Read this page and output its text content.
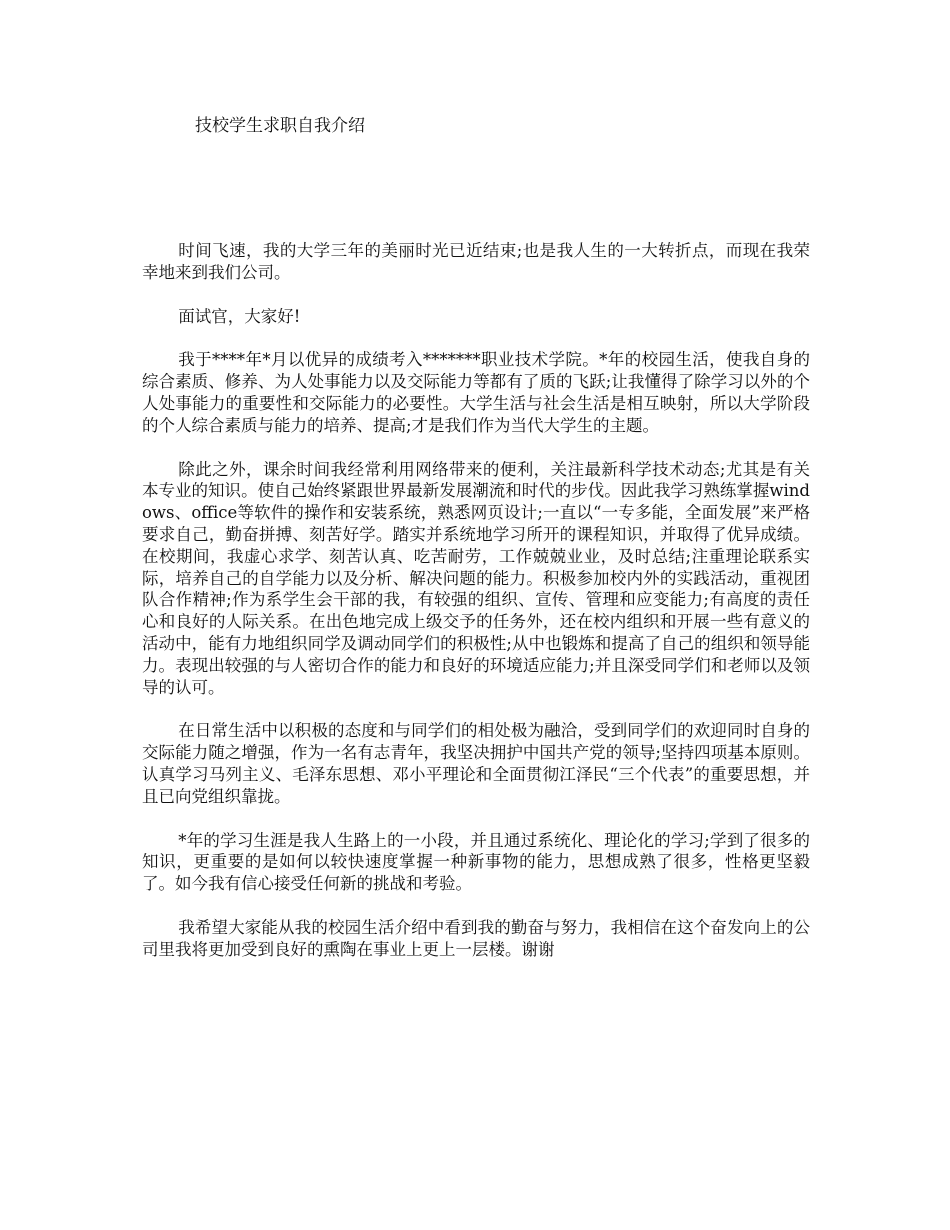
技校学生求职自我介绍

时间飞速，我的大学三年的美丽时光已近结束;也是我人生的一大转折点，而现在我荣幸地来到我们公司。

面试官，大家好!

我于****年*月以优异的成绩考入*******职业技术学院。*年的校园生活，使我自身的综合素质、修养、为人处事能力以及交际能力等都有了质的飞跃;让我懂得了除学习以外的个人处事能力的重要性和交际能力的必要性。大学生活与社会生活是相互映射，所以大学阶段的个人综合素质与能力的培养、提高;才是我们作为当代大学生的主题。

除此之外，课余时间我经常利用网络带来的便利，关注最新科学技术动态;尤其是有关本专业的知识。使自己始终紧跟世界最新发展潮流和时代的步伐。因此我学习熟练掌握windows、office等软件的操作和安装系统，熟悉网页设计;一直以“一专多能，全面发展”来严格要求自己，勤奋拼搏、刻苦好学。踏实并系统地学习所开的课程知识，并取得了优异成绩。在校期间，我虚心求学、刻苦认真、吃苦耐劳，工作兢兢业业，及时总结;注重理论联系实际，培养自己的自学能力以及分析、解决问题的能力。积极参加校内外的实践活动，重视团队合作精神;作为系学生会干部的我，有较强的组织、宣传、管理和应变能力;有高度的责任心和良好的人际关系。在出色地完成上级交予的任务外，还在校内组织和开展一些有意义的活动中，能有力地组织同学及调动同学们的积极性;从中也锻炼和提高了自己的组织和领导能力。表现出较强的与人密切合作的能力和良好的环境适应能力;并且深受同学们和老师以及领导的认可。

在日常生活中以积极的态度和与同学们的相处极为融洽，受到同学们的欢迎同时自身的交际能力随之增强，作为一名有志青年，我坚决拥护中国共产党的领导;坚持四项基本原则。认真学习马列主义、毛泽东思想、邓小平理论和全面贯彻江泽民“三个代表”的重要思想，并且已向党组织靠拢。

*年的学习生涯是我人生路上的一小段，并且通过系统化、理论化的学习;学到了很多的知识，更重要的是如何以较快速度掌握一种新事物的能力，思想成熟了很多，性格更坚毅了。如今我有信心接受任何新的挑战和考验。

我希望大家能从我的校园生活介绍中看到我的勤奋与努力，我相信在这个奋发向上的公司里我将更加受到良好的熏陶在事业上更上一层楼。谢谢
